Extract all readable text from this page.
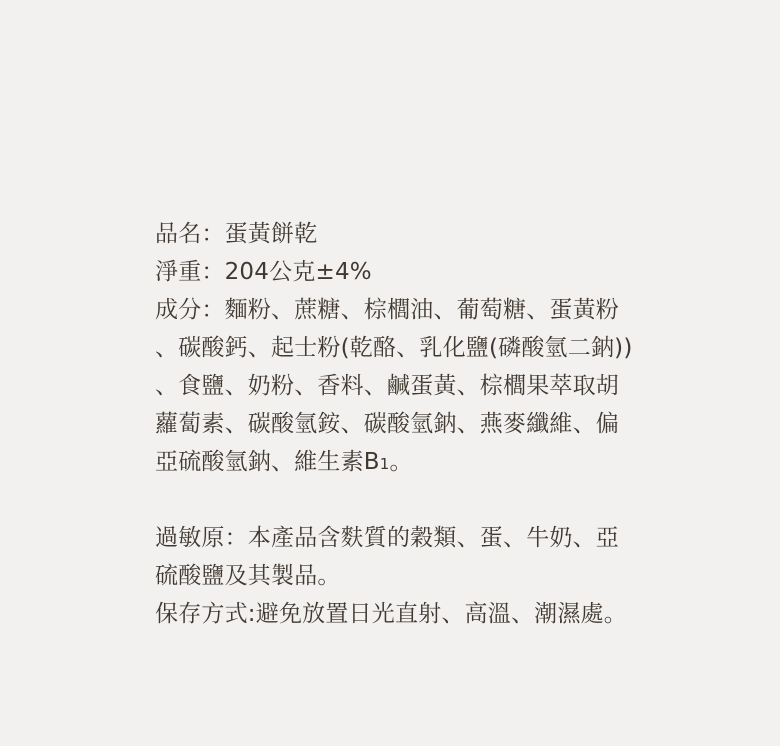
品名：蛋黃餅乾
淨重：204公克±4%
成分：麵粉、蔗糖、棕櫚油、葡萄糖、蛋黃粉
、碳酸鈣、起士粉(乾酪、乳化鹽(磷酸氫二鈉))
、食鹽、奶粉、香料、鹹蛋黃、棕櫚果萃取胡
蘿蔔素、碳酸氫銨、碳酸氫鈉、燕麥纖維、偏
亞硫酸氫鈉、維生素B1。
過敏原：本產品含麩質的穀類、蛋、牛奶、亞
硫酸鹽及其製品。
保存方式:避免放置日光直射、高溫、潮濕處。
